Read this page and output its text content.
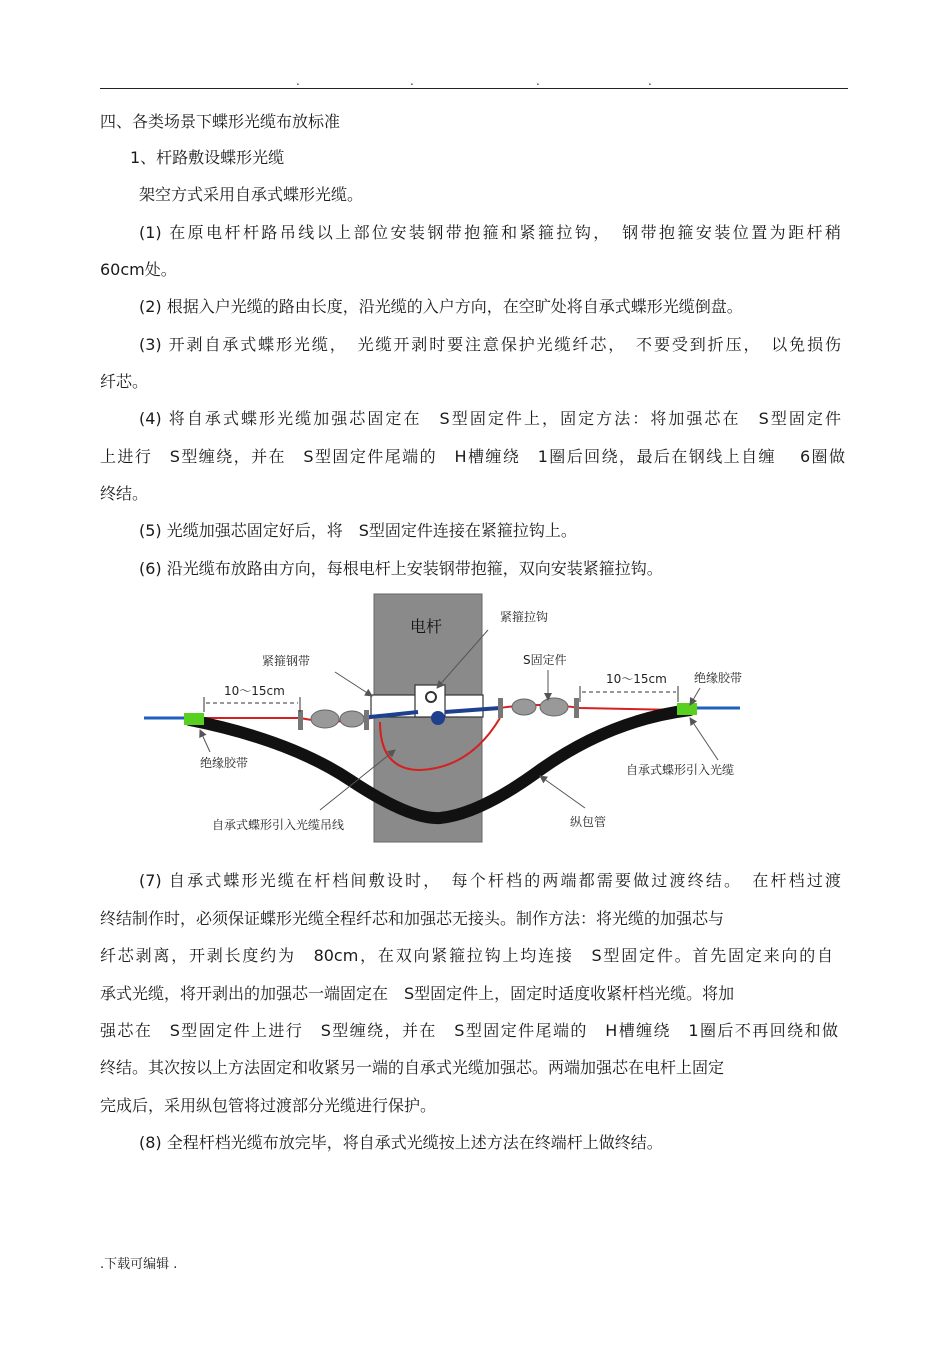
.	.	.	.
四、各类场景下蝶形光缆布放标准
1、杆路敷设蝶形光缆
架空方式采用自承式蝶形光缆。
(1) 在原电杆杆路吊线以上部位安装钢带抱箍和紧箍拉钩，　钢带抱箍安装位置为距杆稍
60cm处。
(2) 根据入户光缆的路由长度，沿光缆的入户方向，在空旷处将自承式蝶形光缆倒盘。
(3) 开剥自承式蝶形光缆，　光缆开剥时要注意保护光缆纤芯，　不要受到折压，　以免损伤
纤芯。
(4) 将自承式蝶形光缆加强芯固定在　S型固定件上，固定方法：将加强芯在　S型固定件
上进行　S型缠绕，并在　S型固定件尾端的　H槽缠绕　1圈后回绕，最后在钢线上自缠　 6圈做
终结。
(5) 光缆加强芯固定好后，将　S型固定件连接在紧箍拉钩上。
(6) 沿光缆布放路由方向，每根电杆上安装钢带抱箍，双向安装紧箍拉钩。
电杆	紧箍拉钩
紧箍钢带	S固定件
10～15cm
10～15cm 绝缘胶带
绝缘胶带	自承式蝶形引入光缆
自承式蝶形引入光缆吊线	纵包管
(7) 自承式蝶形光缆在杆档间敷设时，　每个杆档的两端都需要做过渡终结。　在杆档过渡
终结制作时，必须保证蝶形光缆全程纤芯和加强芯无接头。制作方法：将光缆的加强芯与
纤芯剥离，开剥长度约为　80cm，在双向紧箍拉钩上均连接　S型固定件。首先固定来向的自
承式光缆，将开剥出的加强芯一端固定在　S型固定件上，固定时适度收紧杆档光缆。将加
强芯在　S型固定件上进行　S型缠绕，并在　S型固定件尾端的　H槽缠绕　1圈后不再回绕和做
终结。其次按以上方法固定和收紧另一端的自承式光缆加强芯。两端加强芯在电杆上固定
完成后，采用纵包管将过渡部分光缆进行保护。
(8) 全程杆档光缆布放完毕，将自承式光缆按上述方法在终端杆上做终结。
.下载可编辑 .
